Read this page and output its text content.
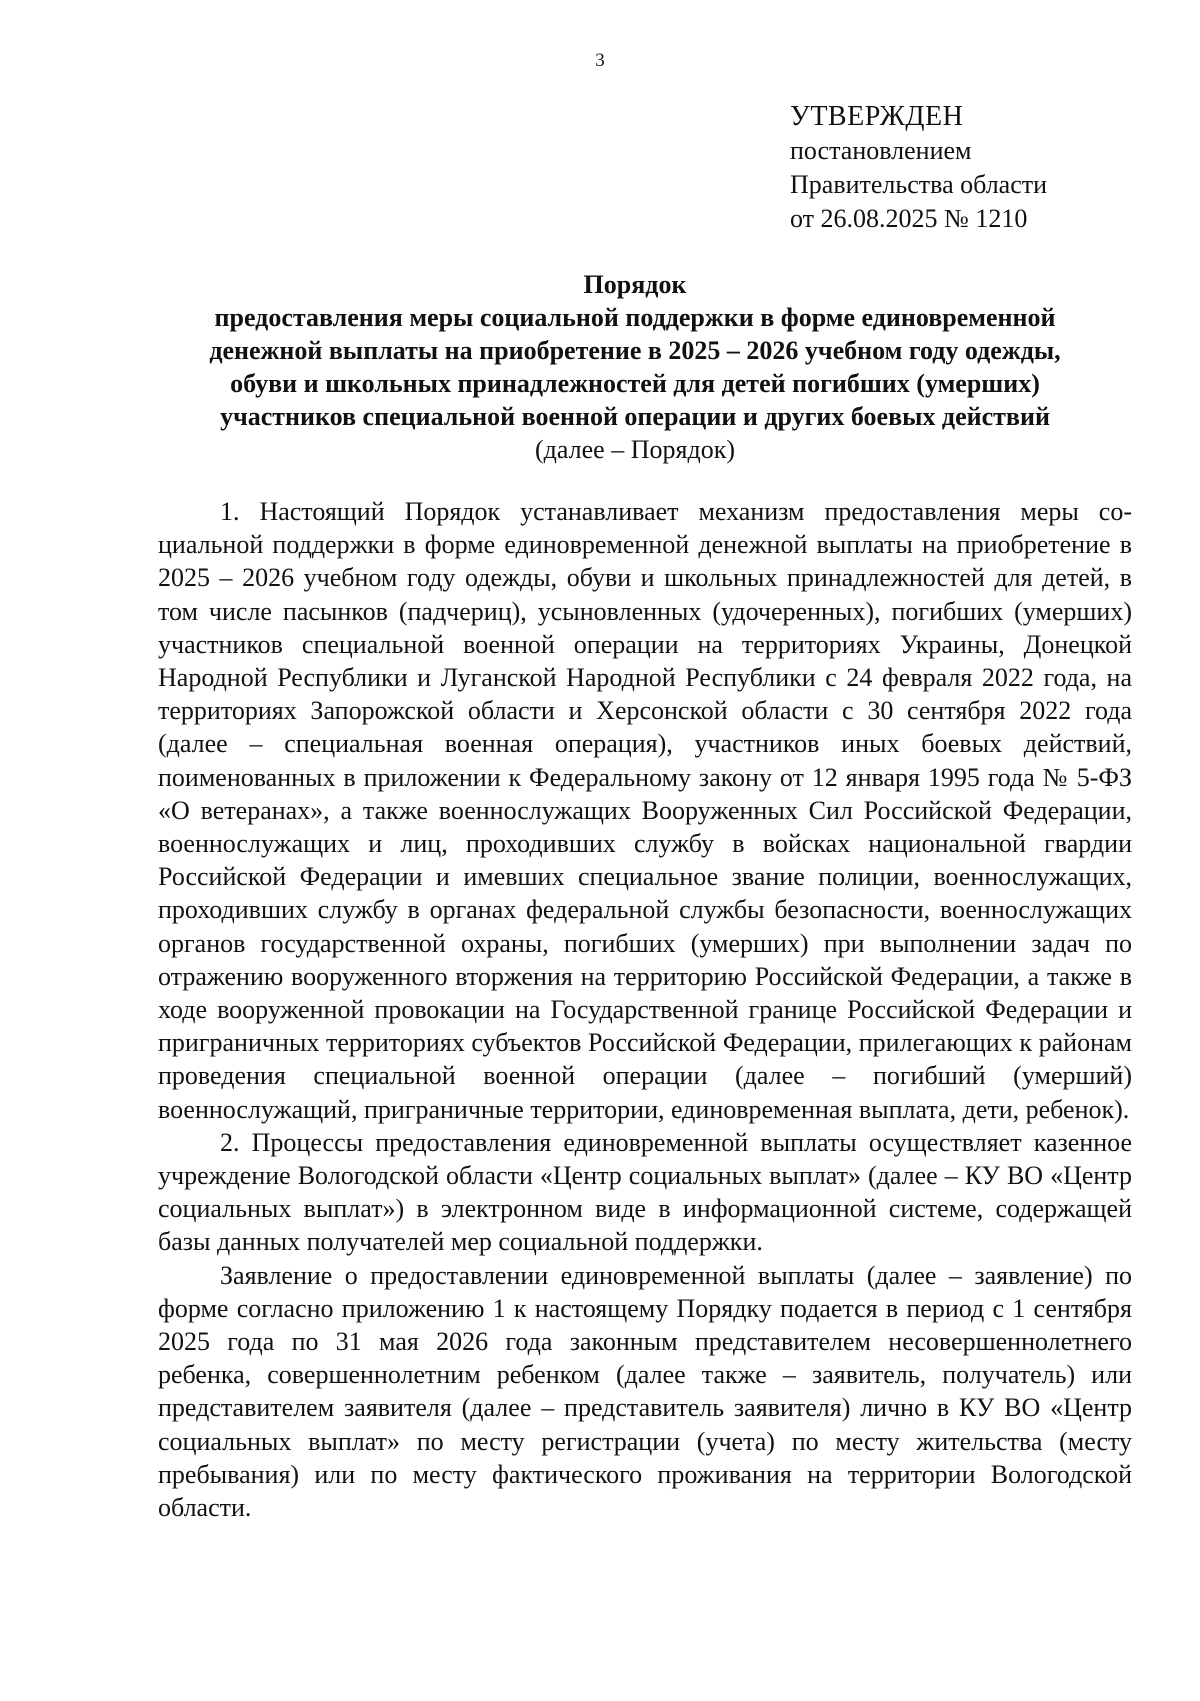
3
УТВЕРЖДЕН
постановлением
Правительства области
от 26.08.2025 № 1210
Порядок
предоставления меры социальной поддержки в форме единовременной
денежной выплаты на приобретение в 2025 – 2026 учебном году одежды,
обуви и школьных принадлежностей для детей погибших (умерших)
участников специальной военной операции и других боевых действий
(далее – Порядок)

1. Настоящий Порядок устанавливает механизм предоставления меры социальной поддержки в форме единовременной денежной выплаты на приобретение в 2025 – 2026 учебном году одежды, обуви и школьных принадлежностей для детей, в том числе пасынков (падчериц), усыновленных (удочеренных), погибших (умерших) участников специальной военной операции на территориях Украины, Донецкой Народной Республики и Луганской Народной Республики с 24 февраля 2022 года, на территориях Запорожской области и Херсонской области с 30 сентября 2022 года (далее – специальная военная операция), участников иных боевых действий, поименованных в приложении к Федеральному закону от 12 января 1995 года № 5-ФЗ «О ветеранах», а также военнослужащих Вооруженных Сил Российской Федерации, военнослужащих и лиц, проходивших службу в войсках национальной гвардии Российской Федерации и имевших специальное звание полиции, военнослужащих, проходивших службу в органах федеральной службы безопасности, военнослужащих органов государственной охраны, погибших (умерших) при выполнении задач по отражению вооруженного вторжения на территорию Российской Федерации, а также в ходе вооруженной провокации на Государственной границе Российской Федерации и приграничных территориях субъектов Российской Федерации, прилегающих к районам проведения специальной военной операции (далее – погибший (умерший) военнослужащий, приграничные территории, единовременная выплата, дети, ребенок).

2. Процессы предоставления единовременной выплаты осуществляет казенное учреждение Вологодской области «Центр социальных выплат» (далее – КУ ВО «Центр социальных выплат») в электронном виде в информационной системе, содержащей базы данных получателей мер социальной поддержки.

Заявление о предоставлении единовременной выплаты (далее – заявление) по форме согласно приложению 1 к настоящему Порядку подается в период с 1 сентября 2025 года по 31 мая 2026 года законным представителем несовершеннолетнего ребенка, совершеннолетним ребенком (далее также – заявитель, получатель) или представителем заявителя (далее – представитель заявителя) лично в КУ ВО «Центр социальных выплат» по месту регистрации (учета) по месту жительства (месту пребывания) или по месту фактического проживания на территории Вологодской области.
